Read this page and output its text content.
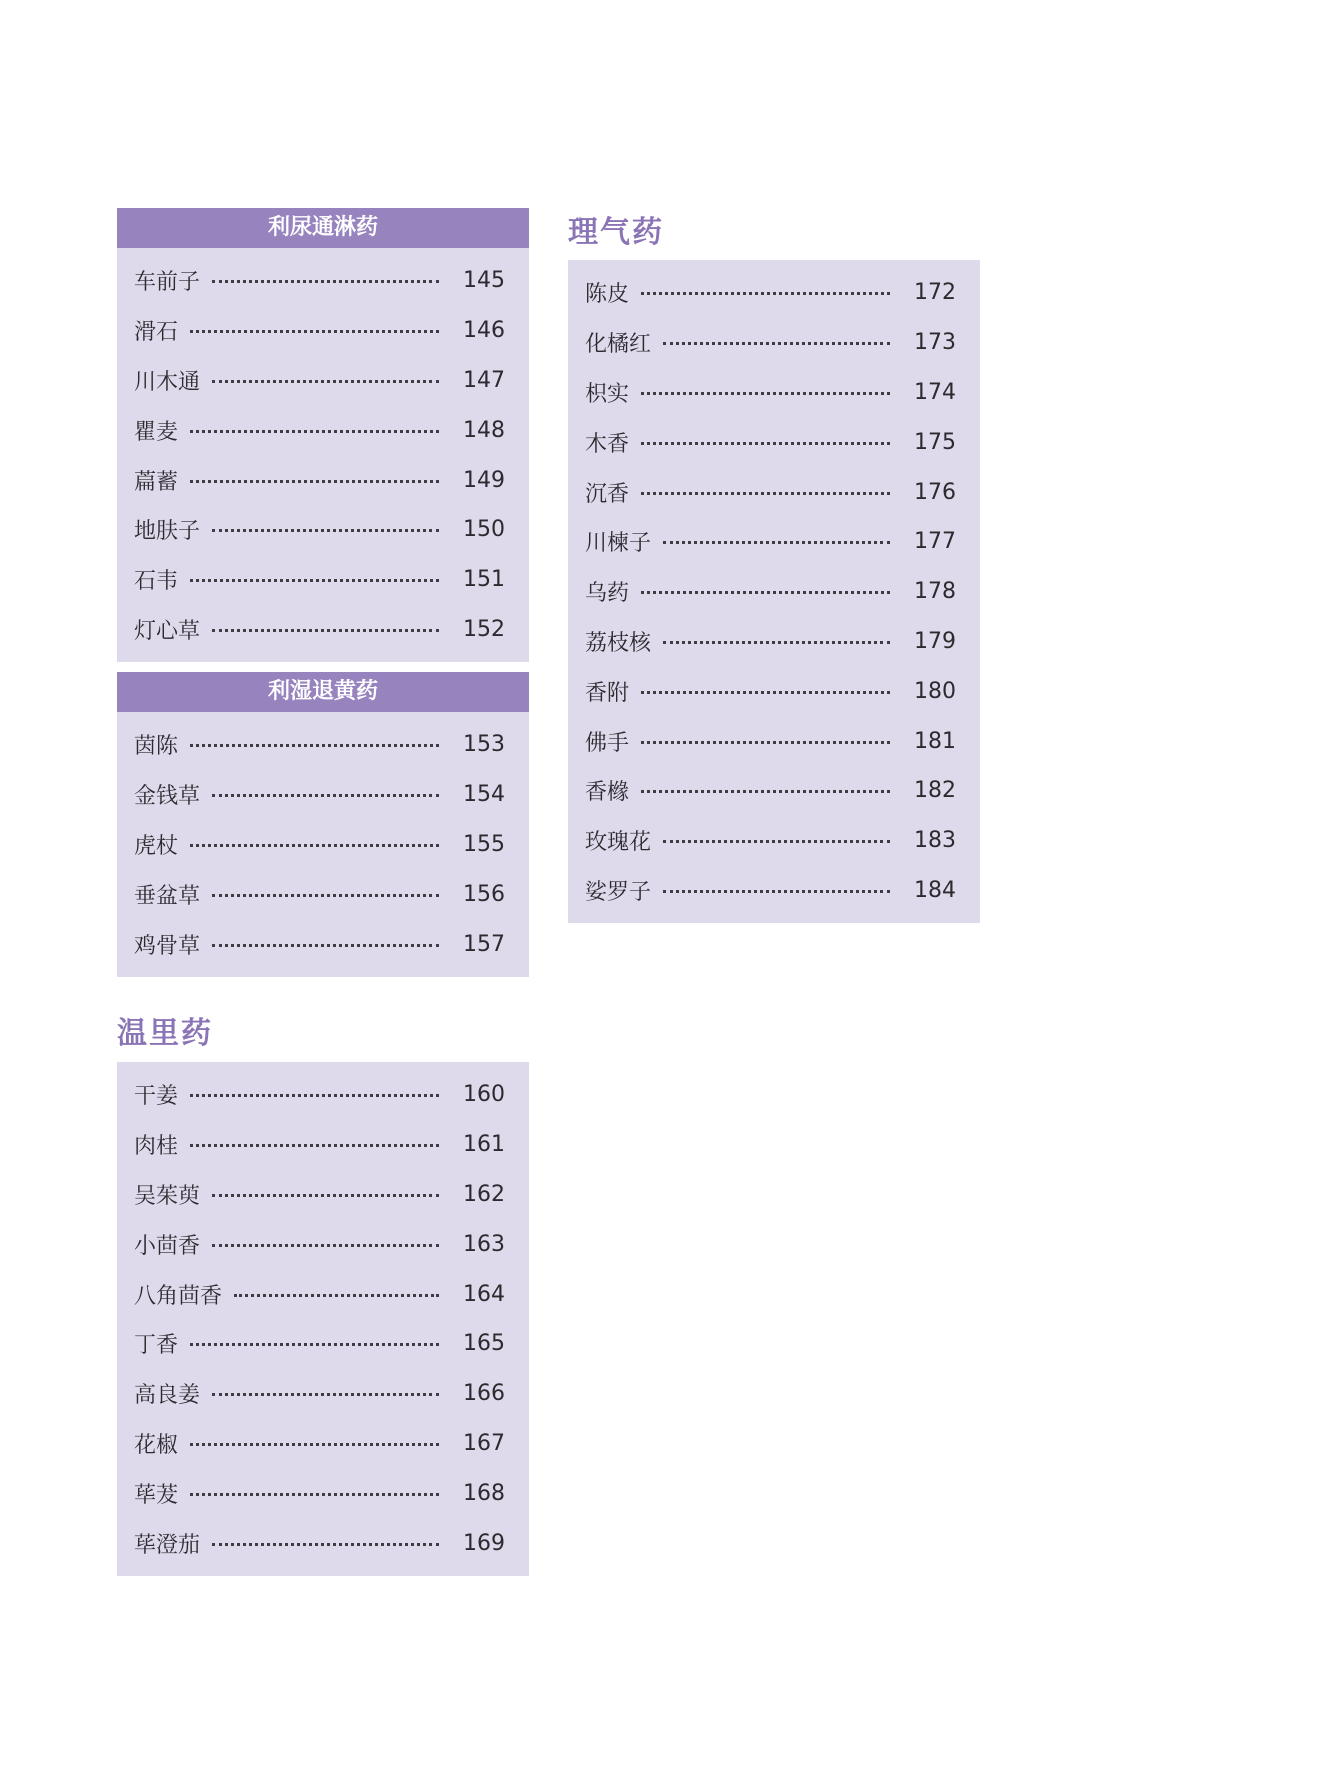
利尿通淋药
车前子	145
滑石	146
川木通	147
瞿麦	148
萹蓄	149
地肤子	150
石韦	151
灯心草	152
利湿退黄药
茵陈	153
金钱草	154
虎杖	155
垂盆草	156
鸡骨草	157
温里药
干姜	160
肉桂	161
吴茱萸	162
小茴香	163
八角茴香	164
丁香	165
高良姜	166
花椒	167
荜茇	168
荜澄茄	169
理气药
陈皮	172
化橘红	173
枳实	174
木香	175
沉香	176
川楝子	177
乌药	178
荔枝核	179
香附	180
佛手	181
香橼	182
玫瑰花	183
娑罗子	184
